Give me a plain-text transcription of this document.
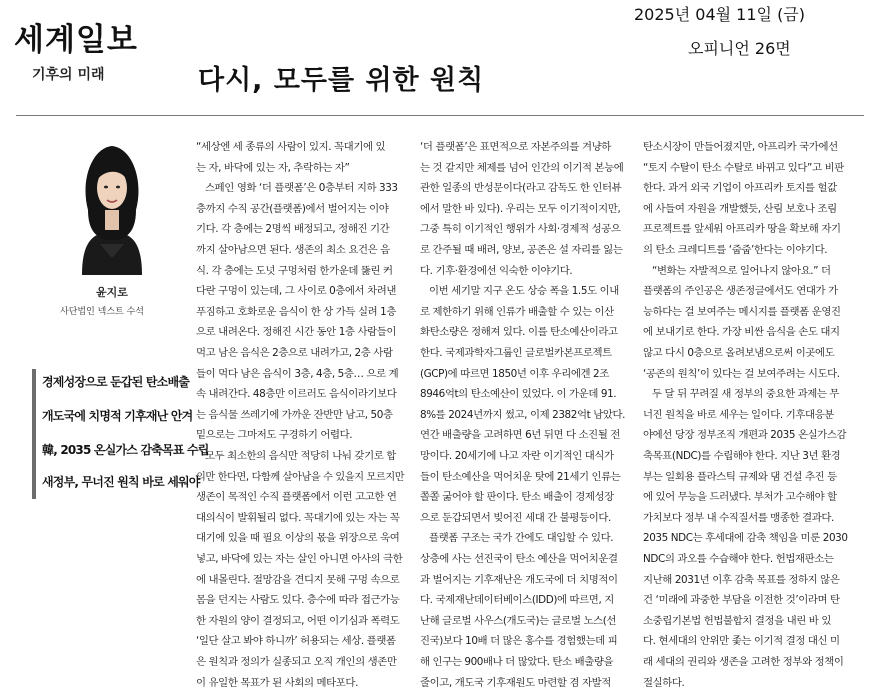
세계일보
2025년 04월 11일 (금)
오피니언 26면
기후의 미래	다시, 모두를 위한 원칙
윤지로
사단법인 넥스트 수석
경제성장으로 둔갑된 탄소배출
개도국에 치명적 기후재난 안겨
韓, 2035 온실가스 감축목표 수립
새정부, 무너진 원칙 바로 세워야
“세상엔 세 종류의 사람이 있지. 꼭대기에 있
는 자, 바닥에 있는 자, 추락하는 자”
스페인 영화 ‘더 플랫폼’은 0층부터 지하 333
층까지 수직 공간(플랫폼)에서 벌어지는 이야
기다. 각 층에는 2명씩 배정되고, 정해진 기간
까지 살아남으면 된다. 생존의 최소 요건은 음
식. 각 층에는 도넛 구멍처럼 한가운데 뚫린 커
다란 구멍이 있는데, 그 사이로 0층에서 차려낸
푸짐하고 호화로운 음식이 한 상 가득 실려 1층
으로 내려온다. 정해진 시간 동안 1층 사람들이
먹고 남은 음식은 2층으로 내려가고, 2층 사람
들이 먹다 남은 음식이 3층, 4층, 5층… 으로 계
속 내려간다. 48층만 이르러도 음식이라기보다
는 음식물 쓰레기에 가까운 잔반만 남고, 50층
밑으로는 그마저도 구경하기 어렵다.
모두 최소한의 음식만 적당히 나눠 갖기로 합
의만 한다면, 다함께 살아남을 수 있을지 모르지만
생존이 목적인 수직 플랫폼에서 이런 고고한 연
대의식이 발휘될리 없다. 꼭대기에 있는 자는 꼭
대기에 있을 때 필요 이상의 몫을 위장으로 욱여
넣고, 바닥에 있는 자는 살인 아니면 아사의 극한
에 내몰린다. 절망감을 견디지 못해 구멍 속으로
몸을 던지는 사람도 있다. 층수에 따라 접근가능
한 자원의 양이 결정되고, 어떤 이기심과 폭력도
‘일단 살고 봐야 하니까’ 허용되는 세상. 플랫폼
은 원칙과 정의가 실종되고 오직 개인의 생존만
이 유일한 목표가 된 사회의 메타포다.
‘더 플랫폼’은 표면적으로 자본주의를 겨냥하
는 것 같지만 체제를 넘어 인간의 이기적 본능에
관한 일종의 반성문이다(라고 감독도 한 인터뷰
에서 말한 바 있다). 우리는 모두 이기적이지만,
그중 특히 이기적인 행위가 사회·경제적 성공으
로 간주될 때 배려, 양보, 공존은 설 자리를 잃는
다. 기후·환경에선 익숙한 이야기다.
이번 세기말 지구 온도 상승 폭을 1.5도 이내
로 제한하기 위해 인류가 배출할 수 있는 이산
화탄소량은 정해져 있다. 이를 탄소예산이라고
한다. 국제과학자그룹인 글로벌카본프로젝트
(GCP)에 따르면 1850년 이후 우리에겐 2조
8946억t의 탄소예산이 있었다. 이 가운데 91.
8%를 2024년까지 썼고, 이제 2382억t 남았다.
연간 배출량을 고려하면 6년 뒤면 다 소진될 전
망이다. 20세기에 나고 자란 이기적인 대식가
들이 탄소예산을 먹어치운 탓에 21세기 인류는
쫄쫄 굶어야 할 판이다. 탄소 배출이 경제성장
으로 둔갑되면서 빚어진 세대 간 불평등이다.
플랫폼 구조는 국가 간에도 대입할 수 있다.
상층에 사는 선진국이 탄소 예산을 먹어치운결
과 벌어지는 기후재난은 개도국에 더 치명적이
다. 국제재난데이터베이스(IDD)에 따르면, 지
난해 글로벌 사우스(개도국)는 글로벌 노스(선
진국)보다 10배 더 많은 홍수를 경험했는데 피
해 인구는 900배나 더 많았다. 탄소 배출량을
줄이고, 개도국 기후재원도 마련할 겸 자발적
탄소시장이 만들어졌지만, 아프리카 국가에선
“토지 수탈이 탄소 수탈로 바뀌고 있다”고 비판
한다. 과거 외국 기업이 아프리카 토지를 헐값
에 사들여 자원을 개발했듯, 산림 보호나 조림
프로젝트를 앞세워 아프리카 땅을 확보해 자기
의 탄소 크레디트를 ‘줍줍’한다는 이야기다.
“변화는 자발적으로 일어나지 않아요.” 더
플랫폼의 주인공은 생존정글에서도 연대가 가
능하다는 걸 보여주는 메시지를 플랫폼 운영진
에 보내기로 한다. 가장 비싼 음식을 손도 대지
않고 다시 0층으로 올려보냄으로써 이곳에도
‘공존의 원칙’이 있다는 걸 보여주려는 시도다.
두 달 뒤 꾸려질 새 정부의 중요한 과제는 무
너진 원칙을 바로 세우는 일이다. 기후대응분
야에선 당장 정부조직 개편과 2035 온실가스감
축목표(NDC)를 수립해야 한다. 지난 3년 환경
부는 일회용 플라스틱 규제와 댐 건설 추진 등
에 있어 무능을 드러냈다. 부처가 고수해야 할
가치보다 정부 내 수직질서를 맹종한 결과다.
2035 NDC는 후세대에 감축 책임을 미룬 2030
NDC의 과오를 수습해야 한다. 헌법재판소는
지난해 2031년 이후 감축 목표를 정하지 않은
건 ‘미래에 과중한 부담을 이전한 것’이라며 탄
소중립기본법 헌법불합치 결정을 내린 바 있
다. 현세대의 안위만 좇는 이기적 결정 대신 미
래 세대의 권리와 생존을 고려한 정부와 정책이
절실하다.
